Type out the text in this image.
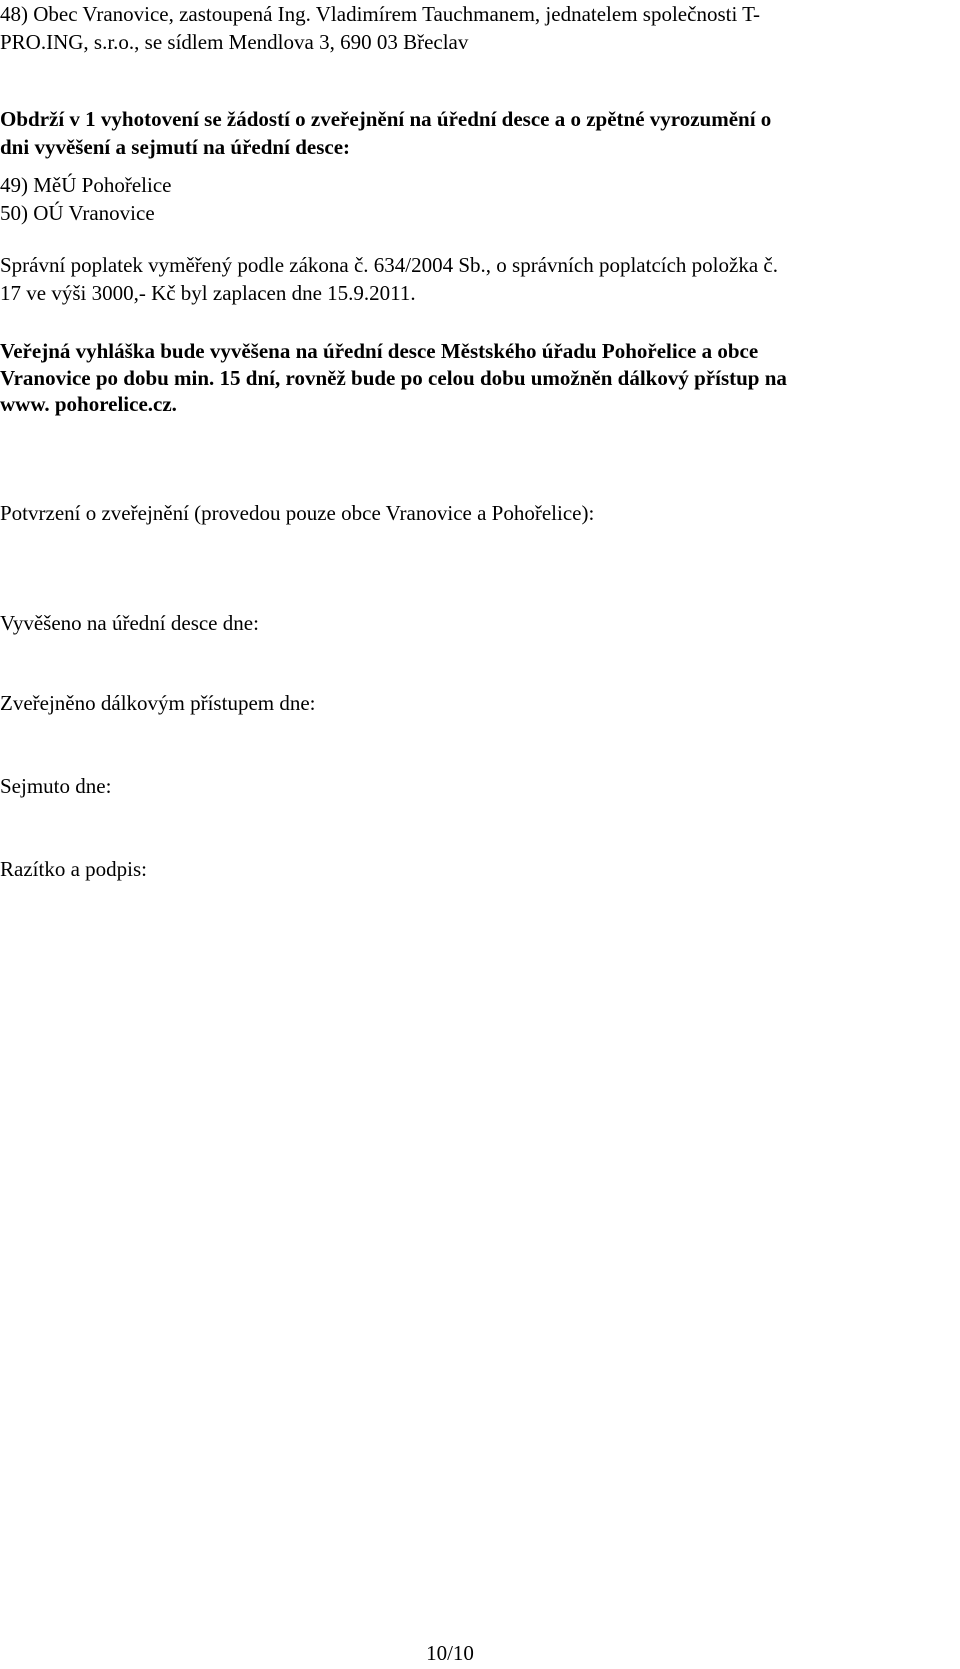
48) Obec Vranovice, zastoupená Ing. Vladimírem Tauchmanem, jednatelem společnosti T-
PRO.ING, s.r.o., se sídlem Mendlova 3, 690 03 Břeclav
Obdrží v 1 vyhotovení se žádostí o zveřejnění na úřední desce a o zpětné vyrozumění o
dni vyvěšení a sejmutí na úřední desce:
49) MěÚ Pohořelice
50) OÚ Vranovice
Správní poplatek vyměřený podle zákona č. 634/2004 Sb., o správních poplatcích položka č.
17 ve výši 3000,- Kč byl zaplacen dne 15.9.2011.
Veřejná vyhláška bude vyvěšena na úřední desce Městského úřadu Pohořelice a obce
Vranovice po dobu min. 15 dní, rovněž bude po celou dobu umožněn dálkový přístup na
www. pohorelice.cz.
Potvrzení o zveřejnění (provedou pouze obce Vranovice a Pohořelice):
Vyvěšeno na úřední desce dne:
Zveřejněno dálkovým přístupem dne:
Sejmuto dne:
Razítko a podpis:
10/10
